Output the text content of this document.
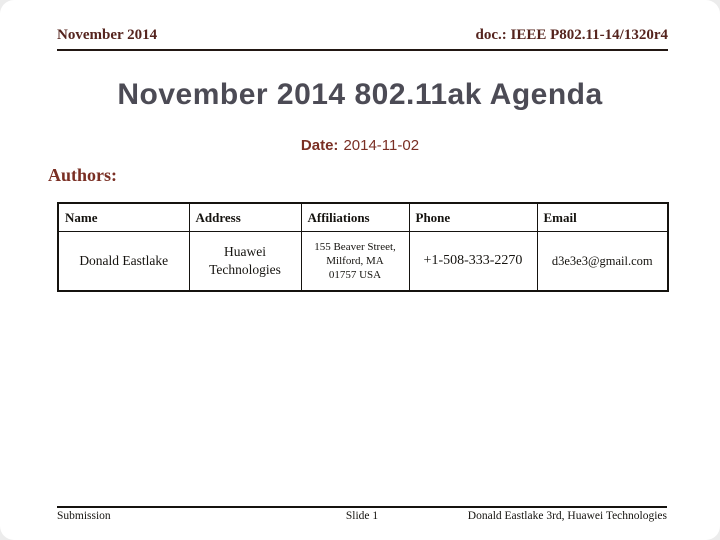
November 2014	doc.: IEEE P802.11-14/1320r4
November 2014 802.11ak Agenda
Date: 2014-11-02
Authors:
Name	Address	Affiliations	Phone	Email
Donald Eastlake	Huawei Technologies	155 Beaver Street, Milford, MA 01757 USA	+1-508-333-2270	d3e3e3@gmail.com
Submission	Slide 1	Donald Eastlake 3rd, Huawei Technologies
